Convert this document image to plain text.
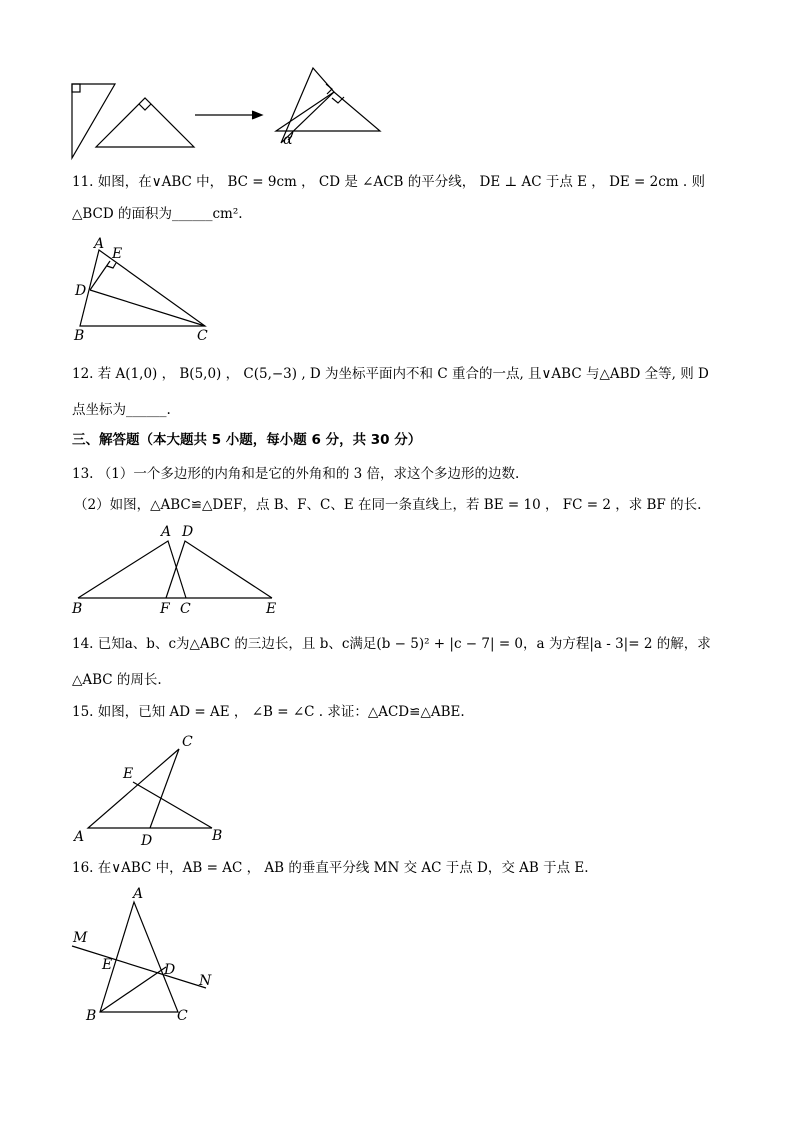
α
11. 如图，在∨ABC 中， BC = 9cm ， CD 是 ∠ACB 的平分线， DE ⊥ AC 于点 E ， DE = 2cm . 则
△BCD 的面积为______cm².
A
E
D
B	C
12. 若 A(1,0) ， B(5,0) ， C(5,−3) , D 为坐标平面内不和 C 重合的一点, 且∨ABC 与△ABD 全等, 则 D
点坐标为______.
三、解答题（本大题共 5 小题，每小题 6 分，共 30 分）
13. （1）一个多边形的内角和是它的外角和的 3 倍，求这个多边形的边数.
（2）如图，△ABC≌△DEF，点 B、F、C、E 在同一条直线上，若 BE = 10 ， FC = 2 ，求 BF 的长.
A D
B	F C	E
14. 已知a、b、c为△ABC 的三边长，且 b、c满足(b − 5)² + |c − 7| = 0，a 为方程|a - 3|= 2 的解，求
△ABC 的周长.
15. 如图，已知 AD = AE ， ∠B = ∠C . 求证：△ACD≌△ABE.
C
E
A	D	B
16. 在∨ABC 中，AB = AC ， AB 的垂直平分线 MN 交 AC 于点 D，交 AB 于点 E.
A
M
E	D
N
B	C
